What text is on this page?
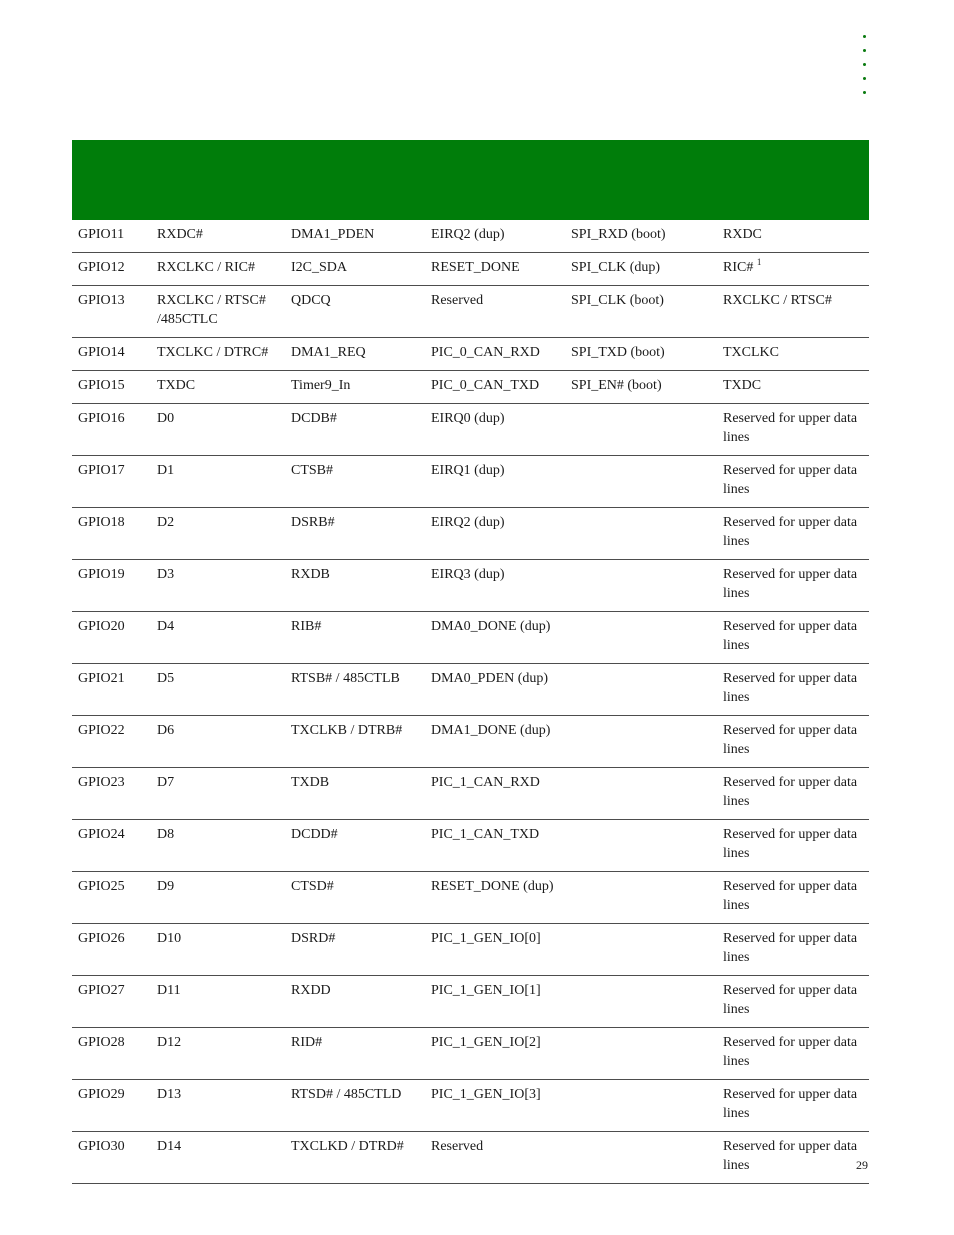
GPIO11	RXDC#	DMA1_PDEN	EIRQ2 (dup)	SPI_RXD (boot)	RXDC
GPIO12	RXCLKC / RIC#	I2C_SDA	RESET_DONE	SPI_CLK (dup)	RIC# $^1$
GPIO13	RXCLKC / RTSC# /485CTLC	QDCQ	Reserved	SPI_CLK (boot)	RXCLKC / RTSC#
GPIO14	TXCLKC / DTRC#	DMA1_REQ	PIC_0_CAN_RXD	SPI_TXD (boot)	TXCLKC
GPIO15	TXDC	Timer9_In	PIC_0_CAN_TXD	SPI_EN# (boot)	TXDC
GPIO16	D0	DCDB#	EIRQ0 (dup)		Reserved for upper data lines
GPIO17	D1	CTSB#	EIRQ1 (dup)		Reserved for upper data lines
GPIO18	D2	DSRB#	EIRQ2 (dup)		Reserved for upper data lines
GPIO19	D3	RXDB	EIRQ3 (dup)		Reserved for upper data lines
GPIO20	D4	RIB#	DMA0_DONE (dup)		Reserved for upper data lines
GPIO21	D5	RTSB# / 485CTLB	DMA0_PDEN (dup)		Reserved for upper data lines
GPIO22	D6	TXCLKB / DTRB#	DMA1_DONE (dup)		Reserved for upper data lines
GPIO23	D7	TXDB	PIC_1_CAN_RXD		Reserved for upper data lines
GPIO24	D8	DCDD#	PIC_1_CAN_TXD		Reserved for upper data lines
GPIO25	D9	CTSD#	RESET_DONE (dup)		Reserved for upper data lines
GPIO26	D10	DSRD#	PIC_1_GEN_IO[0]		Reserved for upper data lines
GPIO27	D11	RXDD	PIC_1_GEN_IO[1]		Reserved for upper data lines
GPIO28	D12	RID#	PIC_1_GEN_IO[2]		Reserved for upper data lines
GPIO29	D13	RTSD# / 485CTLD	PIC_1_GEN_IO[3]		Reserved for upper data lines
GPIO30	D14	TXCLKD / DTRD#	Reserved		Reserved for upper data lines	29
